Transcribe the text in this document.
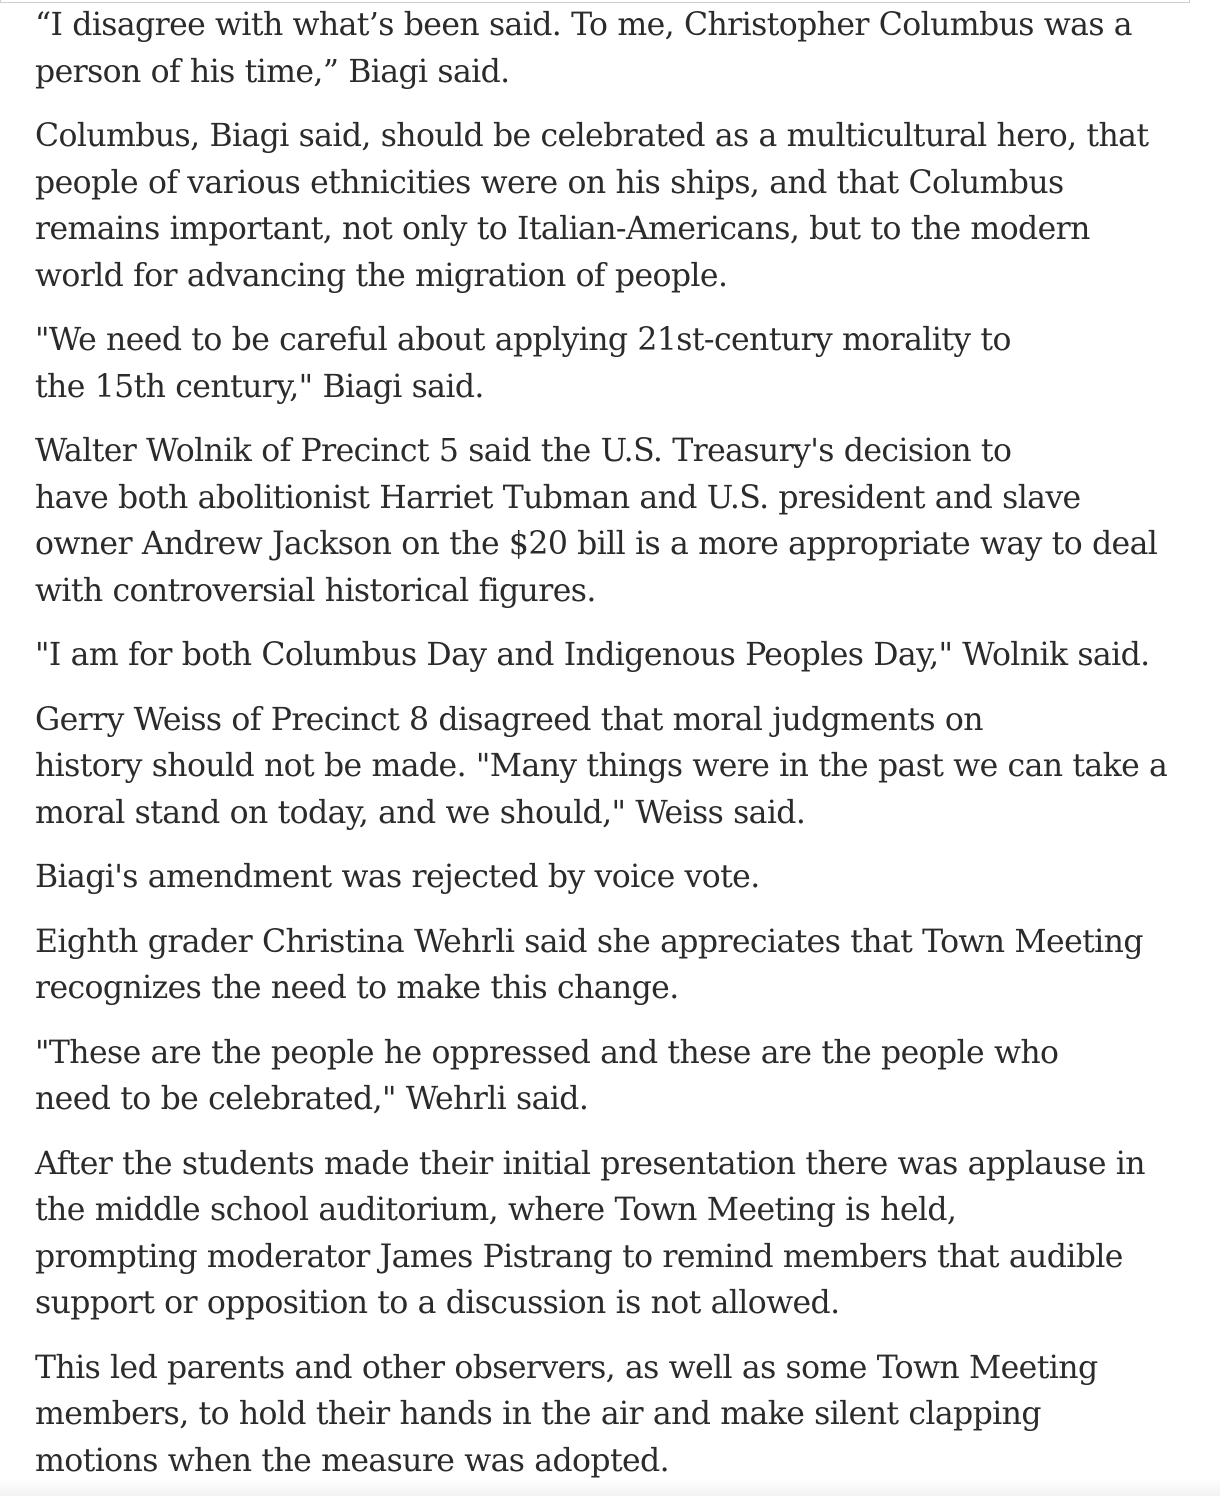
“I disagree with what’s been said. To me, Christopher Columbus was a
person of his time,” Biagi said.

Columbus, Biagi said, should be celebrated as a multicultural hero, that
people of various ethnicities were on his ships, and that Columbus
remains important, not only to Italian-Americans, but to the modern
world for advancing the migration of people.

"We need to be careful about applying 21st-century morality to
the 15th century," Biagi said.

Walter Wolnik of Precinct 5 said the U.S. Treasury's decision to
have both abolitionist Harriet Tubman and U.S. president and slave
owner Andrew Jackson on the $20 bill is a more appropriate way to deal
with controversial historical figures.

"I am for both Columbus Day and Indigenous Peoples Day," Wolnik said.

Gerry Weiss of Precinct 8 disagreed that moral judgments on
history should not be made. "Many things were in the past we can take a
moral stand on today, and we should," Weiss said.

Biagi's amendment was rejected by voice vote.

Eighth grader Christina Wehrli said she appreciates that Town Meeting
recognizes the need to make this change.

"These are the people he oppressed and these are the people who
need to be celebrated," Wehrli said.

After the students made their initial presentation there was applause in
the middle school auditorium, where Town Meeting is held,
prompting moderator James Pistrang to remind members that audible
support or opposition to a discussion is not allowed.

This led parents and other observers, as well as some Town Meeting
members, to hold their hands in the air and make silent clapping
motions when the measure was adopted.
